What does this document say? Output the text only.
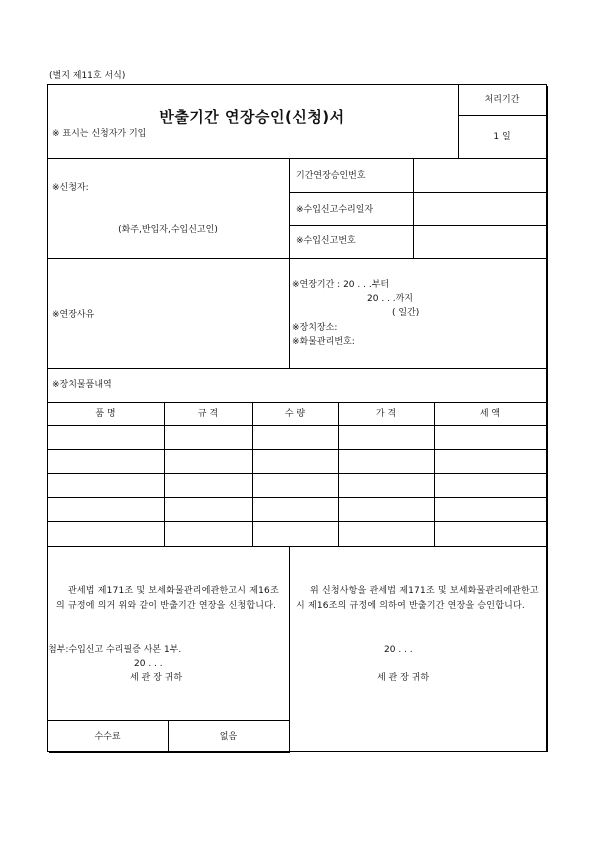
(별지 제11호 서식)
반출기간 연장승인(신청)서
※ 표시는 신청자가 기입
처리기간
1 일
※신청자:
(화주,반입자,수입신고인)
기간연장승인번호
※수입신고수리일자
※수입신고번호
※연장사유
※연장기간 : 20 . . .부터
20 . . .까지
( 일간)
※장치장소:
※화물관리번호:
※장치물품내역
품 명	규 격	수 량	가 격	세 액
관세법 제171조 및 보세화물관리에관한고시 제16조의 규정에 의거 위와 같이 반출기간 연장을 신청합니다.
첨부:수입신고 수리필증 사본 1부.
20 . . .
세 관 장 귀하
위 신청사항을 관세법 제171조 및 보세화물관리에관한고시 제16조의 규정에 의하여 반출기간 연장을 승인합니다.
20 . . .
세 관 장 귀하
수수료	없음
